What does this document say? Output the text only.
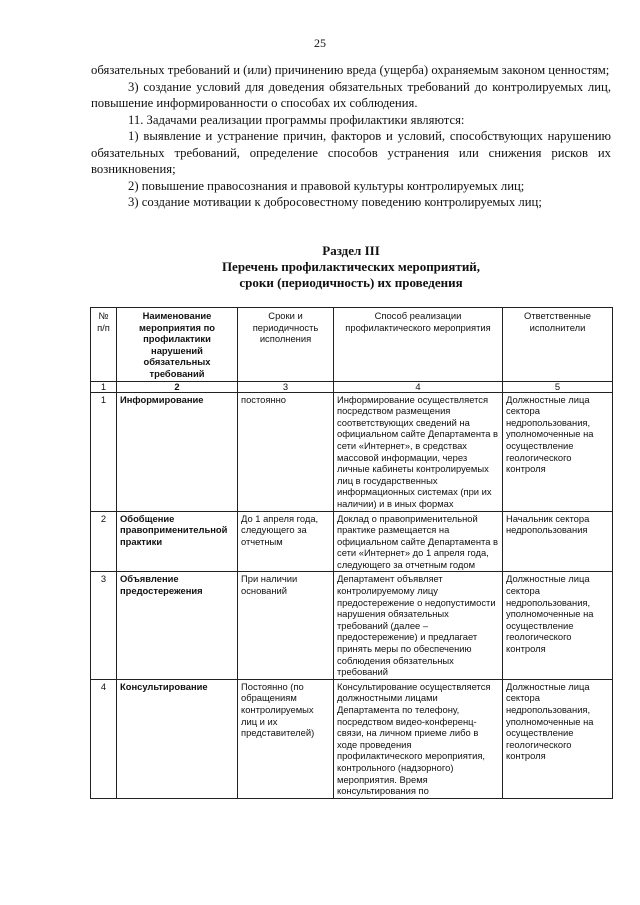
25

обязательных требований и (или) причинению вреда (ущерба) охраняемым законом ценностям;

3) создание условий для доведения обязательных требований до контролируемых лиц, повышение информированности о способах их соблюдения.

11. Задачами реализации программы профилактики являются:

1) выявление и устранение причин, факторов и условий, способствующих нарушению обязательных требований, определение способов устранения или снижения рисков их возникновения;

2) повышение правосознания и правовой культуры контролируемых лиц;

3) создание мотивации к добросовестному поведению контролируемых лиц;

Раздел III
Перечень профилактических мероприятий,
сроки (периодичность) их проведения
№ п/п	Наименование мероприятия по профилактики нарушений обязательных требований	Сроки и периодичность исполнения	Способ реализации профилактического мероприятия	Ответственные исполнители
1	2	3	4	5
1	Информирование	постоянно	Информирование осуществляется посредством размещения соответствующих сведений на официальном сайте Департамента в сети «Интернет», в средствах массовой информации, через личные кабинеты контролируемых лиц в государственных информационных системах (при их наличии) и в иных формах	Должностные лица сектора недропользования, уполномоченные на осуществление геологического контроля
2	Обобщение правоприменительной практики	До 1 апреля года, следующего за отчетным	Доклад о правоприменительной практике размещается на официальном сайте Департамента в сети «Интернет» до 1 апреля года, следующего за отчетным годом	Начальник сектора недропользования
3	Объявление предостережения	При наличии оснований	Департамент объявляет контролируемому лицу предостережение о недопустимости нарушения обязательных требований (далее – предостережение) и предлагает принять меры по обеспечению соблюдения обязательных требований	Должностные лица сектора недропользования, уполномоченные на осуществление геологического контроля
4	Консультирование	Постоянно (по обращениям контролируемых лиц и их представителей)	Консультирование осуществляется должностными лицами Департамента по телефону, посредством видео-конференц-связи, на личном приеме либо в ходе проведения профилактического мероприятия, контрольного (надзорного) мероприятия. Время консультирования по	Должностные лица сектора недропользования, уполномоченные на осуществление геологического контроля
